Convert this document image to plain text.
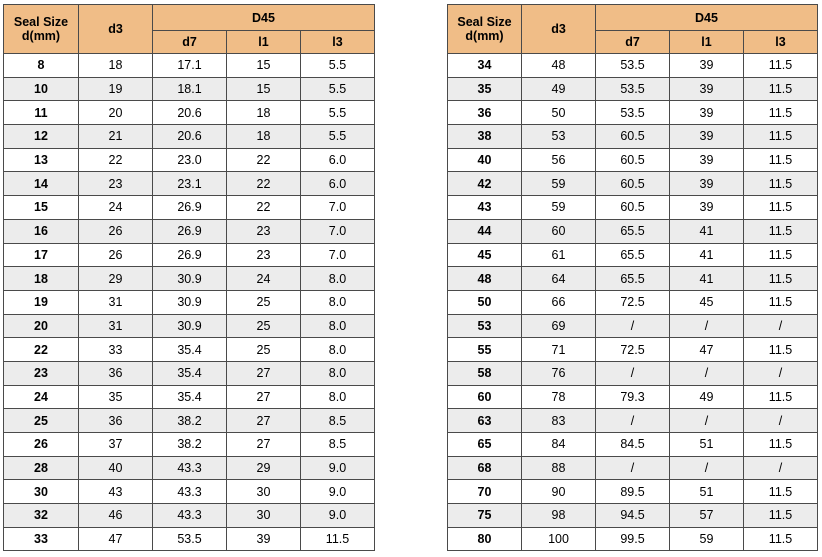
Seal Size
d(mm)	d3	D45		
		d7	l1	l3
8	18	17.1	15	5.5
10	19	18.1	15	5.5
11	20	20.6	18	5.5
12	21	20.6	18	5.5
13	22	23.0	22	6.0
14	23	23.1	22	6.0
15	24	26.9	22	7.0
16	26	26.9	23	7.0
17	26	26.9	23	7.0
18	29	30.9	24	8.0
19	31	30.9	25	8.0
20	31	30.9	25	8.0
22	33	35.4	25	8.0
23	36	35.4	27	8.0
24	35	35.4	27	8.0
25	36	38.2	27	8.5
26	37	38.2	27	8.5
28	40	43.3	29	9.0
30	43	43.3	30	9.0
32	46	43.3	30	9.0
33	47	53.5	39	11.5
Seal Size
d(mm)	d3	D45		
		d7	l1	l3
34	48	53.5	39	11.5
35	49	53.5	39	11.5
36	50	53.5	39	11.5
38	53	60.5	39	11.5
40	56	60.5	39	11.5
42	59	60.5	39	11.5
43	59	60.5	39	11.5
44	60	65.5	41	11.5
45	61	65.5	41	11.5
48	64	65.5	41	11.5
50	66	72.5	45	11.5
53	69	/	/	/
55	71	72.5	47	11.5
58	76	/	/	/
60	78	79.3	49	11.5
63	83	/	/	/
65	84	84.5	51	11.5
68	88	/	/	/
70	90	89.5	51	11.5
75	98	94.5	57	11.5
80	100	99.5	59	11.5
